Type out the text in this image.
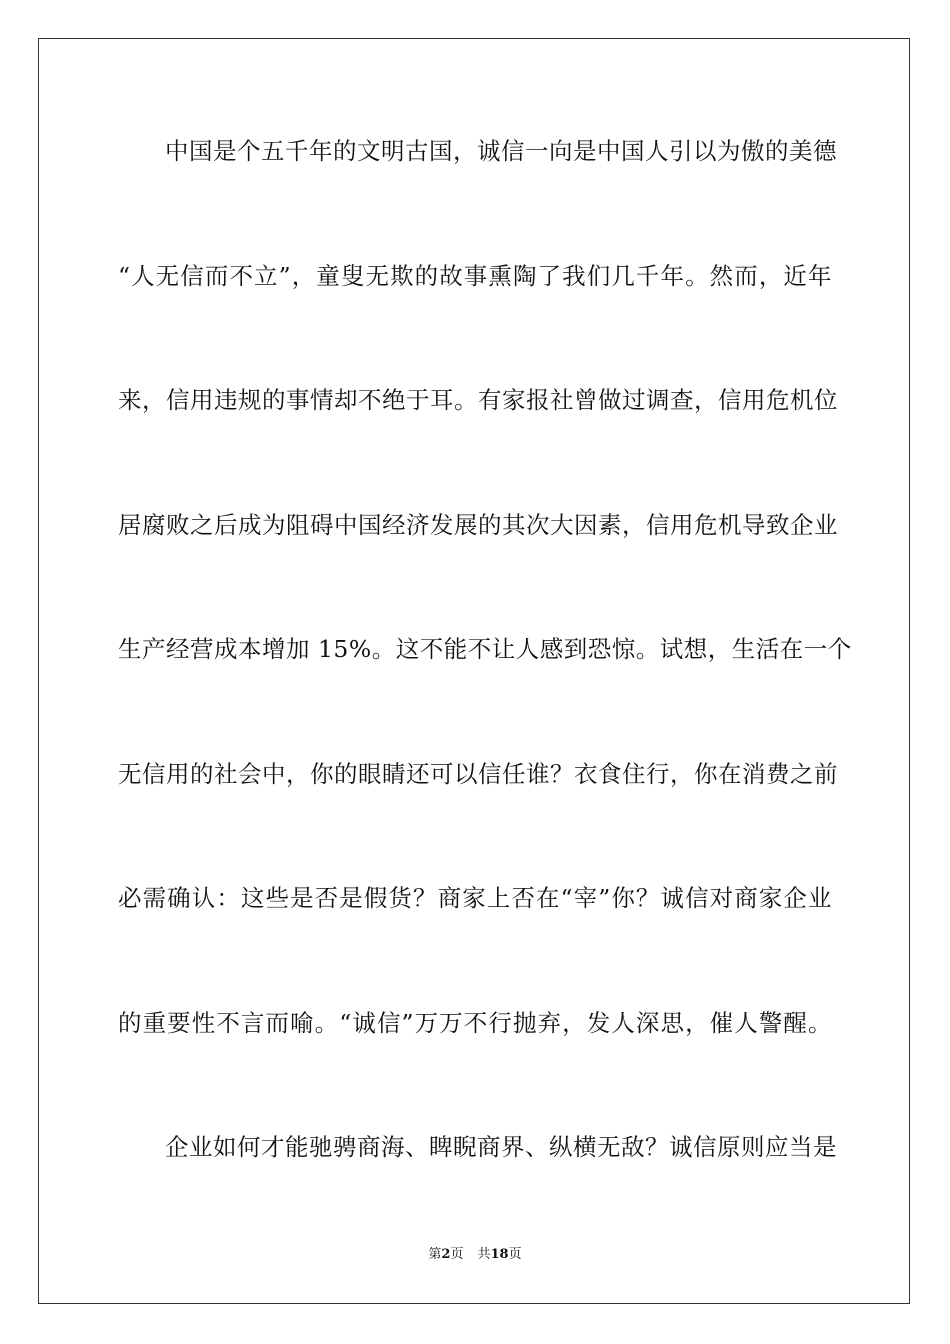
中国是个五千年的文明古国，诚信一向是中国人引以为傲的美德
“人无信而不立”，童叟无欺的故事熏陶了我们几千年。然而，近年
来，信用违规的事情却不绝于耳。有家报社曾做过调查，信用危机位
居腐败之后成为阻碍中国经济发展的其次大因素，信用危机导致企业
生产经营成本增加 15%。这不能不让人感到恐惊。试想，生活在一个
无信用的社会中，你的眼睛还可以信任谁？衣食住行，你在消费之前
必需确认：这些是否是假货？商家上否在“宰”你？诚信对商家企业
的重要性不言而喻。“诚信”万万不行抛弃，发人深思，催人警醒。
企业如何才能驰骋商海、睥睨商界、纵横无敌？诚信原则应当是
第2页 共18页
